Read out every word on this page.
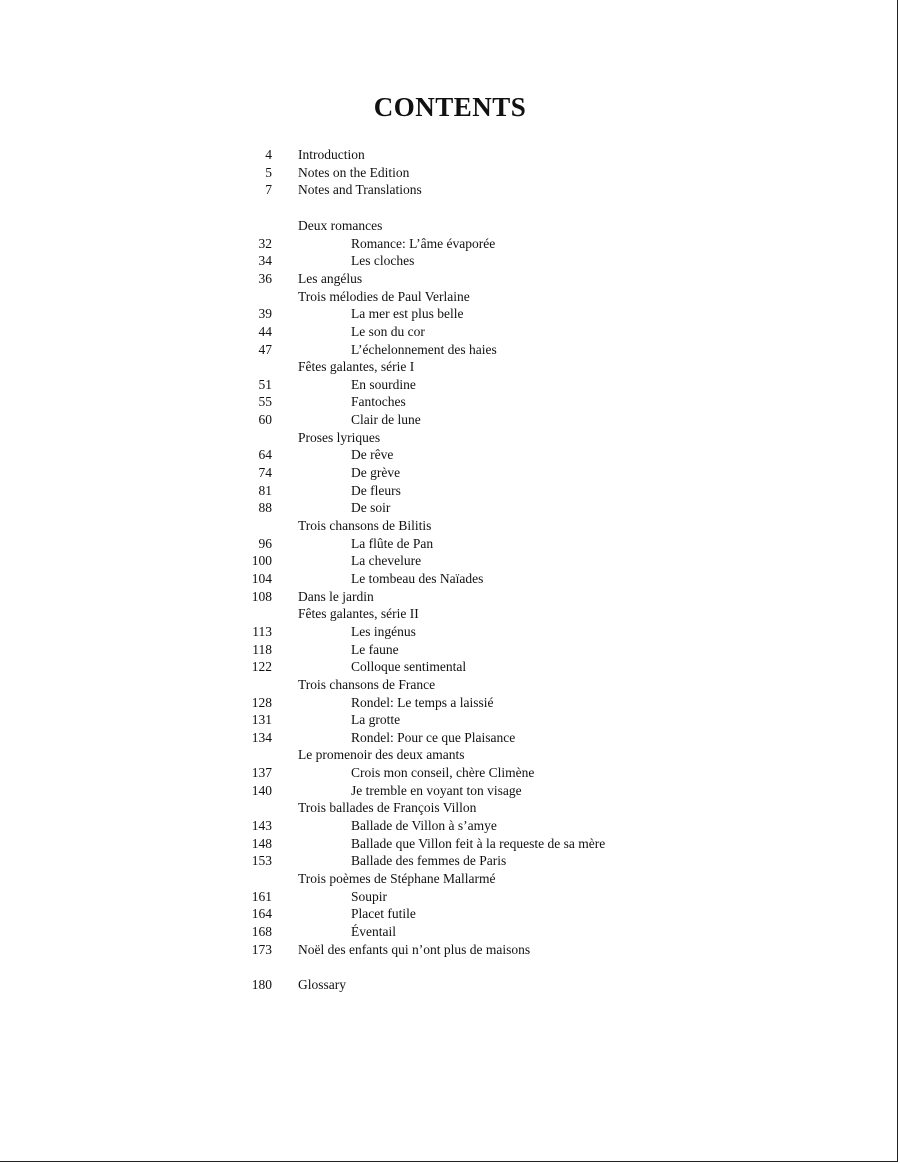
CONTENTS
4 Introduction
5 Notes on the Edition
7 Notes and Translations
Deux romances
32	Romance: L’âme évaporée
34	Les cloches
36 Les angélus
Trois mélodies de Paul Verlaine
39	La mer est plus belle
44	Le son du cor
47	L’échelonnement des haies
Fêtes galantes, série I
51	En sourdine
55	Fantoches
60	Clair de lune
Proses lyriques
64	De rêve
74	De grève
81	De fleurs
88	De soir
Trois chansons de Bilitis
96	La flûte de Pan
100	La chevelure
104	Le tombeau des Naïades
108 Dans le jardin
Fêtes galantes, série II
113	Les ingénus
118	Le faune
122	Colloque sentimental
Trois chansons de France
128	Rondel: Le temps a laissié
131	La grotte
134	Rondel: Pour ce que Plaisance
Le promenoir des deux amants
137	Crois mon conseil, chère Climène
140	Je tremble en voyant ton visage
Trois ballades de François Villon
143	Ballade de Villon à s’amye
148	Ballade que Villon feit à la requeste de sa mère
153	Ballade des femmes de Paris
Trois poèmes de Stéphane Mallarmé
161	Soupir
164	Placet futile
168	Éventail
173 Noël des enfants qui n’ont plus de maisons
180 Glossary
